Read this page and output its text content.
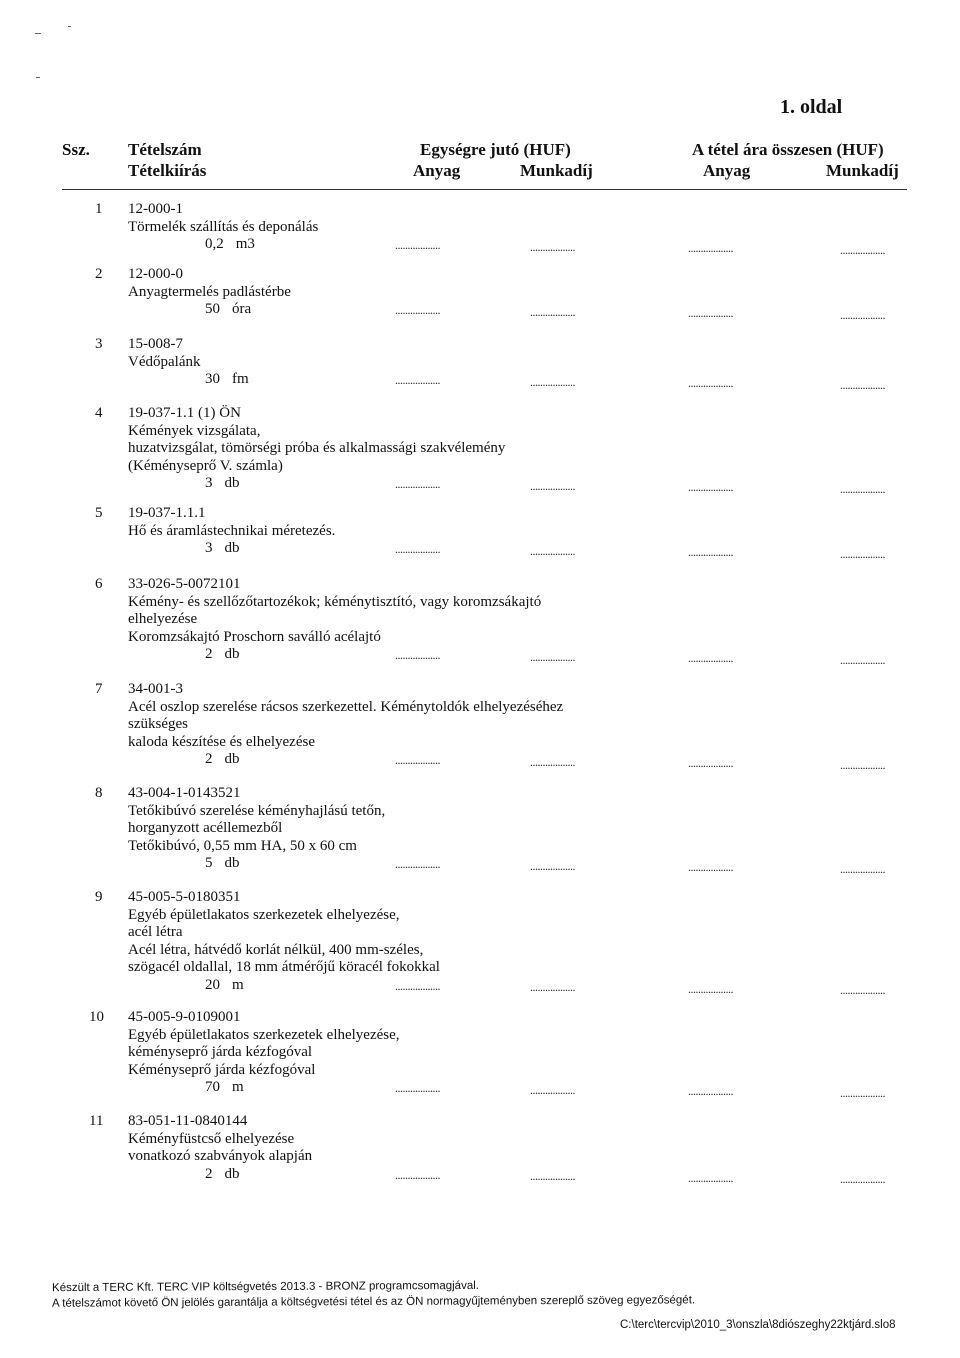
1. oldal
Ssz. Tételszám
Tételkiírás
Egységre jutó (HUF)
Anyag	Munkadíj
A tétel ára összesen (HUF)
Anyag	Munkadíj
1	12-000-1
Törmelék szállítás és deponálás
0,2 m3	..................	..................	..................	..................
2	12-000-0
Anyagtermelés padlástérbe
50 óra	..................	..................	..................	..................
3	15-008-7
Védőpalánk
30 fm	..................	..................	..................	..................
4	19-037-1.1 (1) ÖN
Kémények vizsgálata,
huzatvizsgálat, tömörségi próba és alkalmassági szakvélemény
(Kéményseprő V. számla)
3 db	..................	..................	..................	..................
5	19-037-1.1.1
Hő és áramlástechnikai méretezés.
3 db	..................	..................	..................	..................
6	33-026-5-0072101
Kémény- és szellőzőtartozékok; kéménytisztító, vagy koromzsákajtó
elhelyezése
Koromzsákajtó Proschorn saválló acélajtó
2 db	..................	..................	..................	..................
7	34-001-3
Acél oszlop szerelése rácsos szerkezettel. Kéménytoldók elhelyezéséhez
szükséges
kaloda készítése és elhelyezése
2 db	..................	..................	..................	..................
8	43-004-1-0143521
Tetőkibúvó szerelése kéményhajlású tetőn,
horganyzott acéllemezből
Tetőkibúvó, 0,55 mm HA, 50 x 60 cm
5 db	..................	..................	..................	..................
9	45-005-5-0180351
Egyéb épületlakatos szerkezetek elhelyezése,
acél létra
Acél létra, hátvédő korlát nélkül, 400 mm-széles,
szögacél oldallal, 18 mm átmérőjű köracél fokokkal
20 m	..................	..................	..................	..................
10 45-005-9-0109001
Egyéb épületlakatos szerkezetek elhelyezése,
kéményseprő járda kézfogóval
Kéményseprő járda kézfogóval
70 m	..................	..................	..................	..................
11 83-051-11-0840144
Kéményfüstcső elhelyezése
vonatkozó szabványok alapján
2 db	..................	..................	..................	..................
Készült a TERC Kft. TERC VIP költségvetés 2013.3 - BRONZ programcsomagjával.
A tételszámot követő ÖN jelölés garantálja a költségvetési tétel és az ÖN normagyűjteményben szereplő szöveg egyezőségét.
C:\terc\tercvip\2010_3\onszla\8diószeghy22ktjárd.slo8
